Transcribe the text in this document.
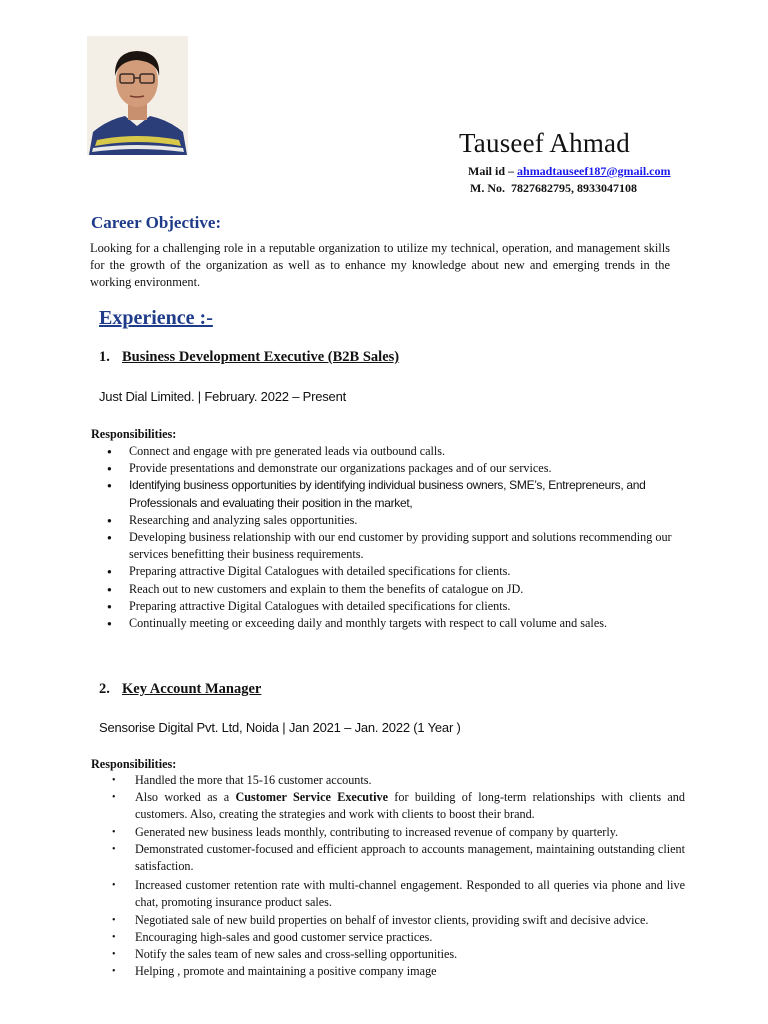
Tauseef Ahmad
Mail id – ahmadtauseef187@gmail.com
M. No. 7827682795, 8933047108
Career Objective:
Looking for a challenging role in a reputable organization to utilize my technical, operation, and management skills for the growth of the organization as well as to enhance my knowledge about new and emerging trends in the working environment.
Experience :-
1. Business Development Executive (B2B Sales)
Just Dial Limited. | February. 2022 – Present
Responsibilities:
● Connect and engage with pre generated leads via outbound calls.
● Provide presentations and demonstrate our organizations packages and of our services.
● Identifying business opportunities by identifying individual business owners, SME’s, Entrepreneurs, and Professionals and evaluating their position in the market,
● Researching and analyzing sales opportunities.
● Developing business relationship with our end customer by providing support and solutions recommending our services benefitting their business requirements.
● Preparing attractive Digital Catalogues with detailed specifications for clients.
● Reach out to new customers and explain to them the benefits of catalogue on JD.
● Preparing attractive Digital Catalogues with detailed specifications for clients.
● Continually meeting or exceeding daily and monthly targets with respect to call volume and sales.
2. Key Account Manager
Sensorise Digital Pvt. Ltd, Noida | Jan 2021 – Jan. 2022 (1 Year )
Responsibilities:
• Handled the more that 15-16 customer accounts.
• Also worked as a Customer Service Executive for building of long-term relationships with clients and customers. Also, creating the strategies and work with clients to boost their brand.
• Generated new business leads monthly, contributing to increased revenue of company by quarterly.
• Demonstrated customer-focused and efficient approach to accounts management, maintaining outstanding client satisfaction.
• Increased customer retention rate with multi-channel engagement. Responded to all queries via phone and live chat, promoting insurance product sales.
• Negotiated sale of new build properties on behalf of investor clients, providing swift and decisive advice.
• Encouraging high-sales and good customer service practices.
• Notify the sales team of new sales and cross-selling opportunities.
• Helping , promote and maintaining a positive company image
